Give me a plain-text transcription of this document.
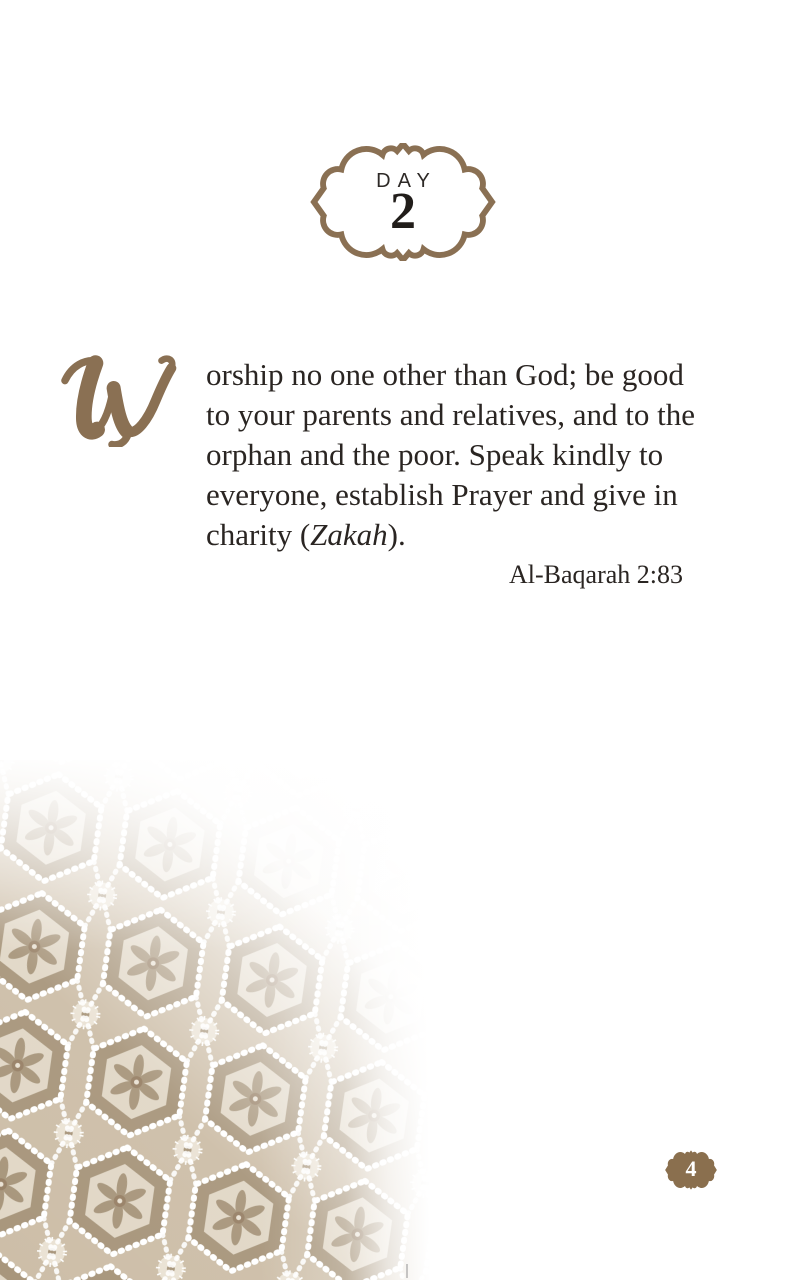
DAY
2
orship no one other than God; be good
to your parents and relatives, and to the
orphan and the poor. Speak kindly to
everyone, establish Prayer and give in
charity (Zakah).
Al-Baqarah 2:83
4
